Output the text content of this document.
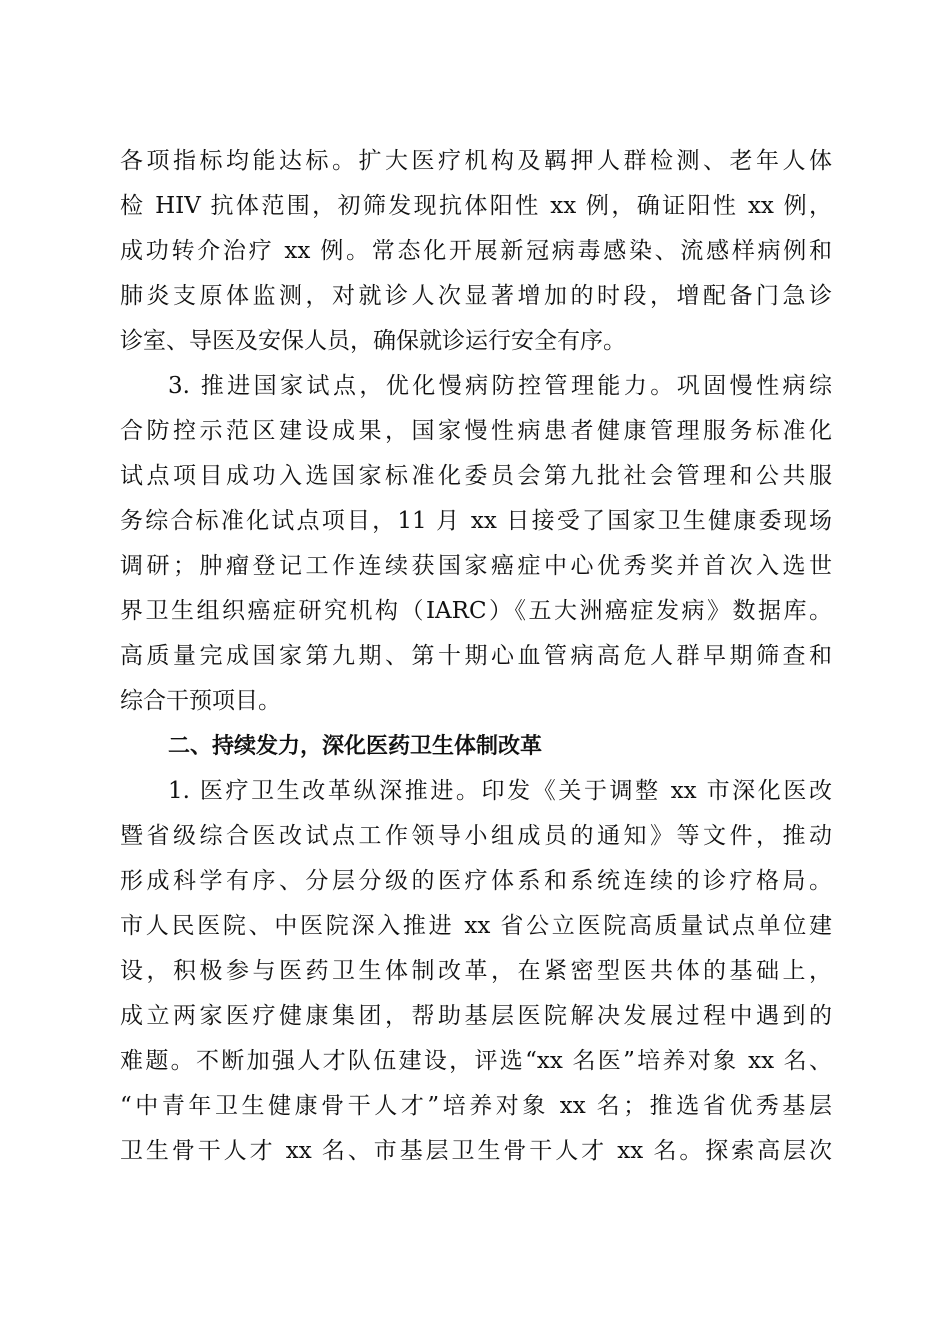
各项指标均能达标。扩大医疗机构及羁押人群检测、老年人体
检 HIV 抗体范围，初筛发现抗体阳性 xx 例，确证阳性 xx 例，
成功转介治疗 xx 例。常态化开展新冠病毒感染、流感样病例和
肺炎支原体监测，对就诊人次显著增加的时段，增配备门急诊
诊室、导医及安保人员，确保就诊运行安全有序。
3. 推进国家试点，优化慢病防控管理能力。巩固慢性病综
合防控示范区建设成果，国家慢性病患者健康管理服务标准化
试点项目成功入选国家标准化委员会第九批社会管理和公共服
务综合标准化试点项目，11 月 xx 日接受了国家卫生健康委现场
调研；肿瘤登记工作连续获国家癌症中心优秀奖并首次入选世
界卫生组织癌症研究机构（IARC）《五大洲癌症发病》数据库。
高质量完成国家第九期、第十期心血管病高危人群早期筛查和
综合干预项目。
二、持续发力，深化医药卫生体制改革
1. 医疗卫生改革纵深推进。印发《关于调整 xx 市深化医改
暨省级综合医改试点工作领导小组成员的通知》等文件，推动
形成科学有序、分层分级的医疗体系和系统连续的诊疗格局。
市人民医院、中医院深入推进 xx 省公立医院高质量试点单位建
设，积极参与医药卫生体制改革，在紧密型医共体的基础上，
成立两家医疗健康集团，帮助基层医院解决发展过程中遇到的
难题。不断加强人才队伍建设，评选“xx 名医”培养对象 xx 名、
“中青年卫生健康骨干人才”培养对象 xx 名；推选省优秀基层
卫生骨干人才 xx 名、市基层卫生骨干人才 xx 名。探索高层次
